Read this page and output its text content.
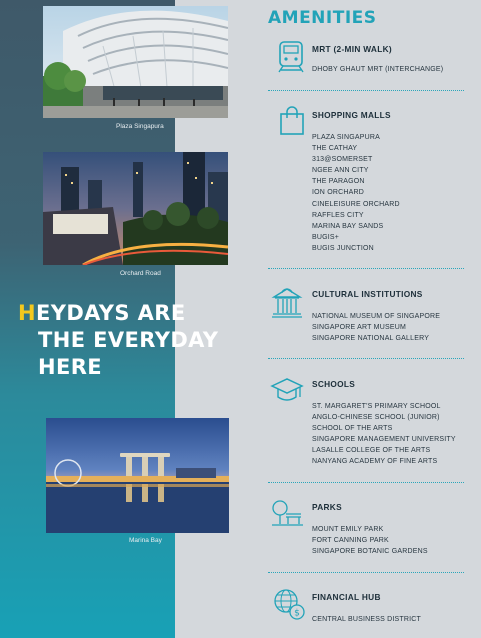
Plaza Singapura
Orchard Road
HEYDAYS ARE
THE EVERYDAY
HERE
Marina Bay
AMENITIES
MRT (2-MIN WALK)
DHOBY GHAUT MRT (INTERCHANGE)
SHOPPING MALLS
PLAZA SINGAPURA
THE CATHAY
313@SOMERSET
NGEE ANN CITY
THE PARAGON
ION ORCHARD
CINELEISURE ORCHARD
RAFFLES CITY
MARINA BAY SANDS
BUGIS+
BUGIS JUNCTION
CULTURAL INSTITUTIONS
NATIONAL MUSEUM OF SINGAPORE
SINGAPORE ART MUSEUM
SINGAPORE NATIONAL GALLERY
SCHOOLS
ST. MARGARET'S PRIMARY SCHOOL
ANGLO-CHINESE SCHOOL (JUNIOR)
SCHOOL OF THE ARTS
SINGAPORE MANAGEMENT UNIVERSITY
LASALLE COLLEGE OF THE ARTS
NANYANG ACADEMY OF FINE ARTS
PARKS
MOUNT EMILY PARK
FORT CANNING PARK
SINGAPORE BOTANIC GARDENS
$
FINANCIAL HUB
CENTRAL BUSINESS DISTRICT
